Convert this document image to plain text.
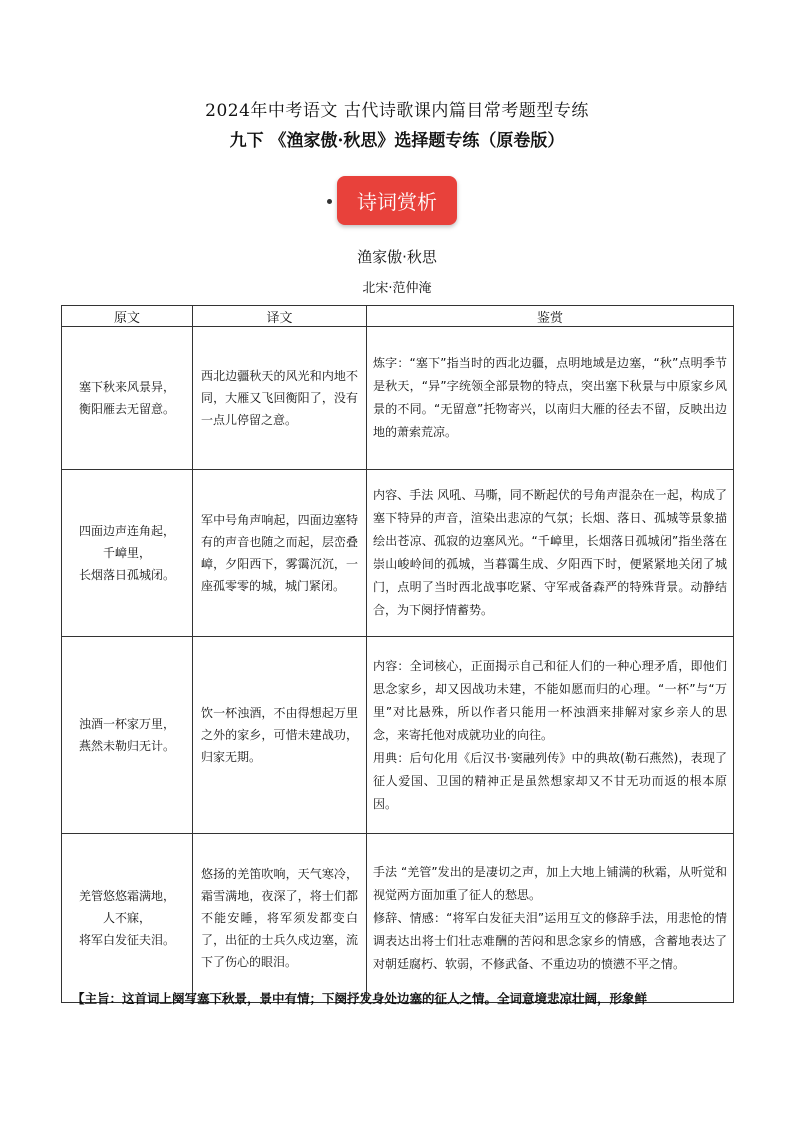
2024年中考语文 古代诗歌课内篇目常考题型专练
九下 《渔家傲·秋思》选择题专练（原卷版）
诗词赏析
渔家傲·秋思
北宋·范仲淹
原文	译文	鉴赏

塞下秋来风景异，
衡阳雁去无留意。	西北边疆秋天的风光和内地不同，大雁又飞回衡阳了，没有一点儿停留之意。	炼字：“塞下”指当时的西北边疆，点明地域是边塞，“秋”点明季节是秋天，“异”字统领全部景物的特点，突出塞下秋景与中原家乡风景的不同。“无留意”托物寄兴，以南归大雁的径去不留，反映出边地的萧索荒凉。

四面边声连角起，
千嶂里，
长烟落日孤城闭。	军中号角声响起，四面边塞特有的声音也随之而起，层峦叠嶂，夕阳西下，雾霭沉沉，一座孤零零的城，城门紧闭。	内容、手法 风吼、马嘶，同不断起伏的号角声混杂在一起，构成了塞下特异的声音，渲染出悲凉的气氛；长烟、落日、孤城等景象描绘出苍凉、孤寂的边塞风光。“千嶂里，长烟落日孤城闭”指坐落在崇山峻岭间的孤城，当暮霭生成、夕阳西下时，便紧紧地关闭了城门，点明了当时西北战事吃紧、守军戒备森严的特殊背景。动静结合，为下阕抒情蓄势。

浊酒一杯家万里，
燕然未勒归无计。	饮一杯浊酒，不由得想起万里之外的家乡，可惜未建战功，归家无期。	内容：全词核心，正面揭示自己和征人们的一种心理矛盾，即他们思念家乡，却又因战功未建，不能如愿而归的心理。“一杯”与“万里”对比悬殊，所以作者只能用一杯浊酒来排解对家乡亲人的思念，来寄托他对成就功业的向往。
用典：后句化用《后汉书·窦融列传》中的典故(勒石燕然)，表现了征人爱国、卫国的精神正是虽然想家却又不甘无功而返的根本原因。

羌管悠悠霜满地，
人不寐，
将军白发征夫泪。	悠扬的羌笛吹响，天气寒冷，霜雪满地，夜深了，将士们都不能安睡，将军须发都变白了，出征的士兵久戍边塞，流下了伤心的眼泪。	手法 “羌管”发出的是凄切之声，加上大地上铺满的秋霜，从听觉和视觉两方面加重了征人的愁思。
修辞、情感：“将军白发征夫泪”运用互文的修辞手法，用悲怆的情调表达出将士们壮志难酬的苦闷和思念家乡的情感，含蓄地表达了对朝廷腐朽、软弱，不修武备、不重边功的愤懑不平之情。
【主旨：这首词上阕写塞下秋景，景中有情；下阕抒发身处边塞的征人之情。全词意境悲凉壮阔，形象鲜
